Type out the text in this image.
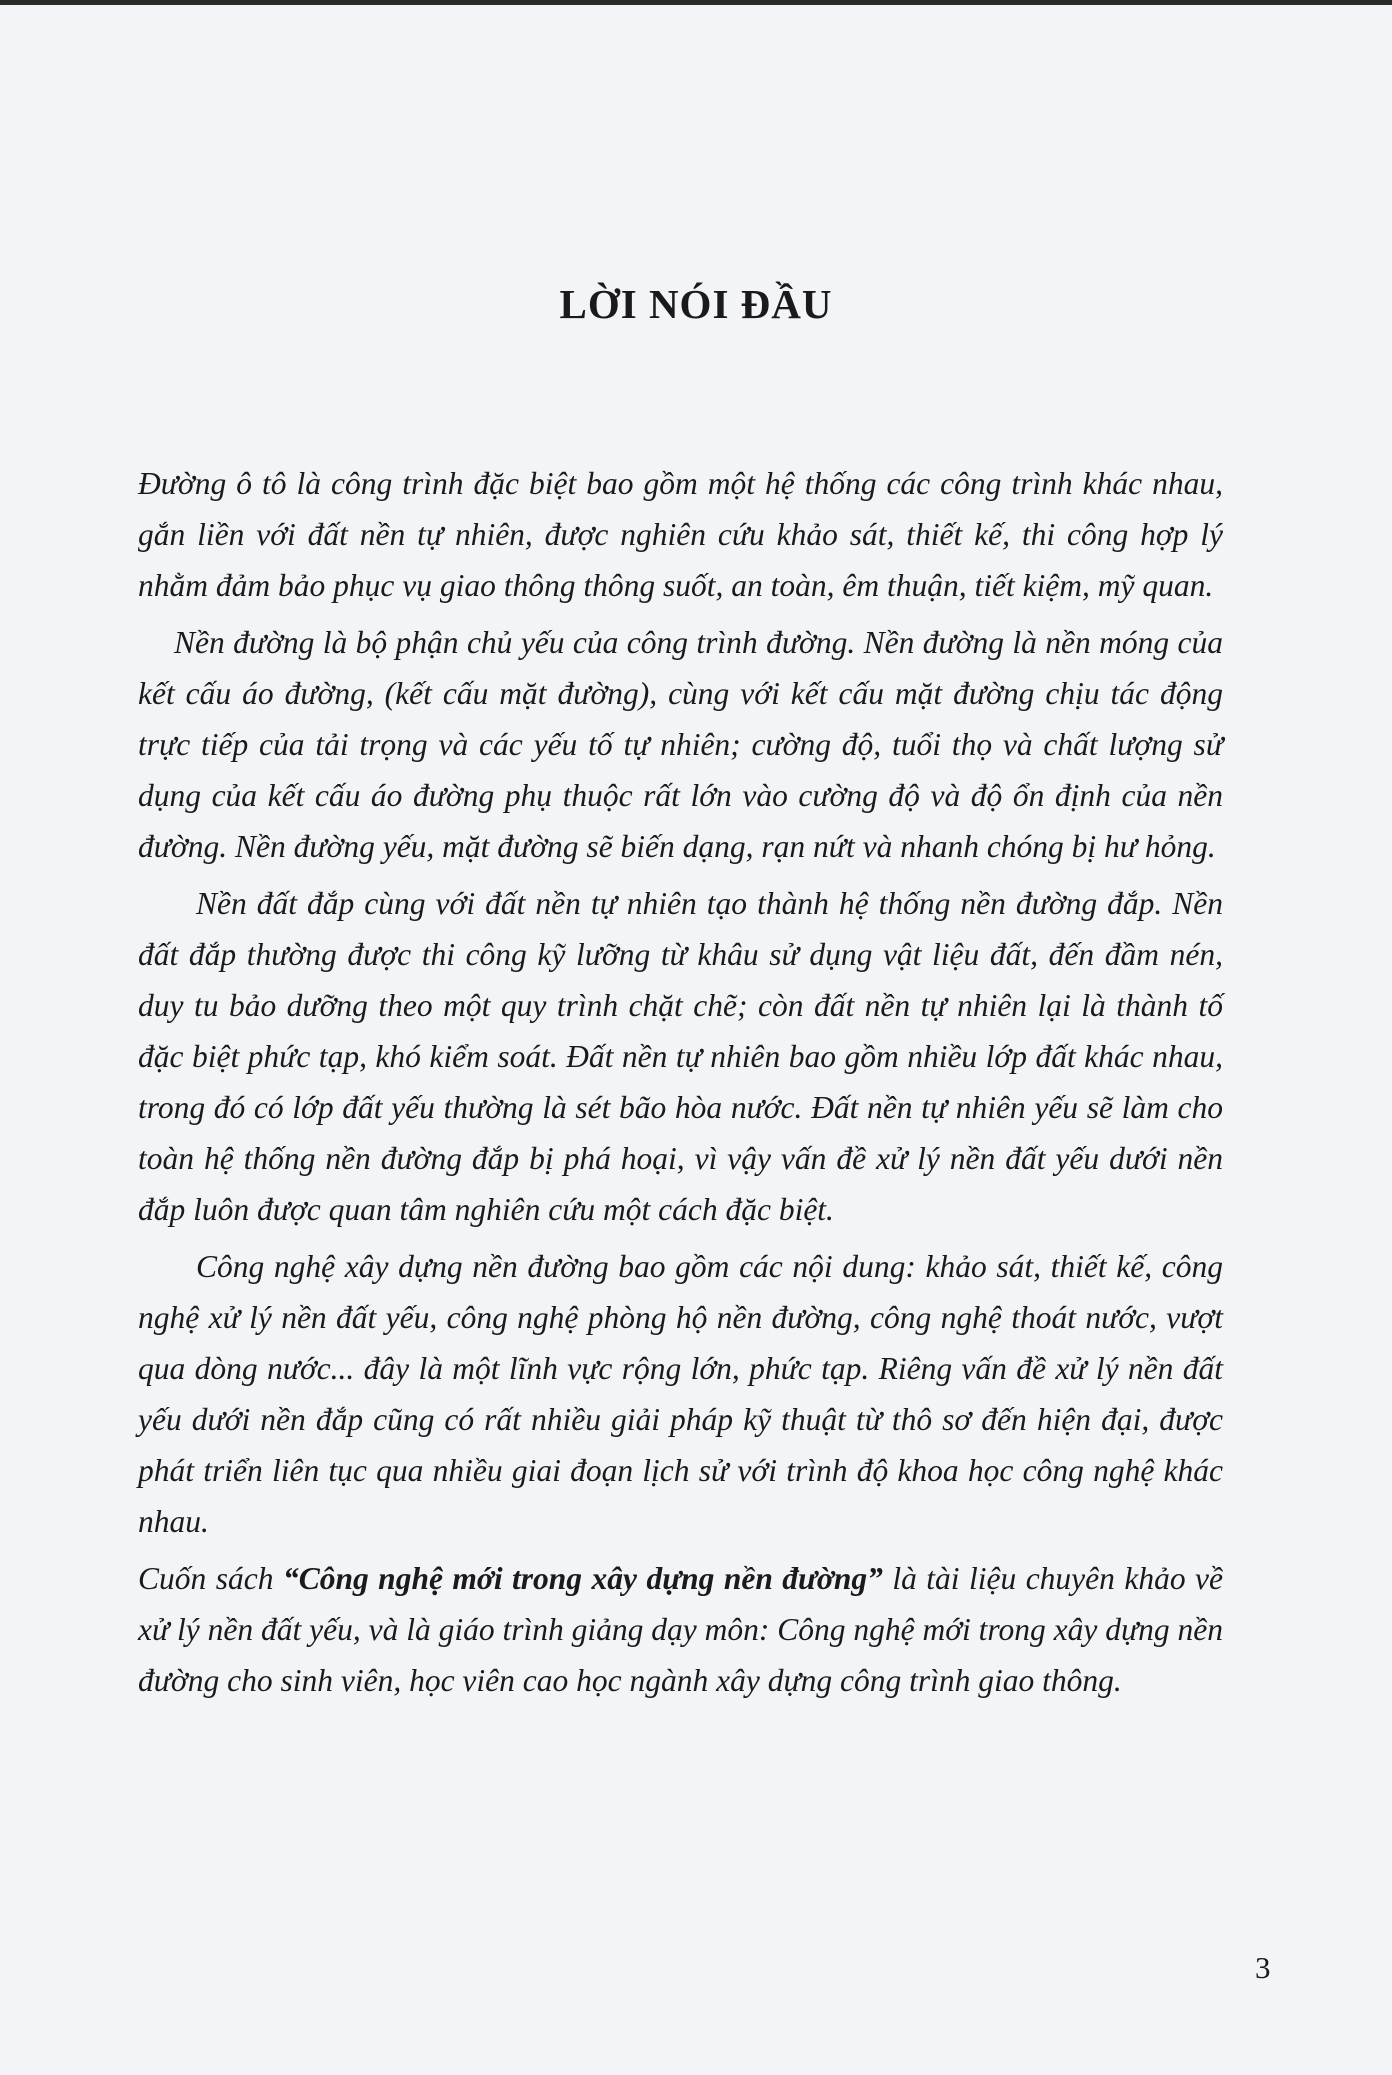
LỜI NÓI ĐẦU

Đường ô tô là công trình đặc biệt bao gồm một hệ thống các công trình khác nhau, gắn liền với đất nền tự nhiên, được nghiên cứu khảo sát, thiết kế, thi công hợp lý nhằm đảm bảo phục vụ giao thông thông suốt, an toàn, êm thuận, tiết kiệm, mỹ quan.

Nền đường là bộ phận chủ yếu của công trình đường. Nền đường là nền móng của kết cấu áo đường, (kết cấu mặt đường), cùng với kết cấu mặt đường chịu tác động trực tiếp của tải trọng và các yếu tố tự nhiên; cường độ, tuổi thọ và chất lượng sử dụng của kết cấu áo đường phụ thuộc rất lớn vào cường độ và độ ổn định của nền đường. Nền đường yếu, mặt đường sẽ biến dạng, rạn nứt và nhanh chóng bị hư hỏng.

Nền đất đắp cùng với đất nền tự nhiên tạo thành hệ thống nền đường đắp. Nền đất đắp thường được thi công kỹ lưỡng từ khâu sử dụng vật liệu đất, đến đầm nén, duy tu bảo dưỡng theo một quy trình chặt chẽ; còn đất nền tự nhiên lại là thành tố đặc biệt phức tạp, khó kiểm soát. Đất nền tự nhiên bao gồm nhiều lớp đất khác nhau, trong đó có lớp đất yếu thường là sét bão hòa nước. Đất nền tự nhiên yếu sẽ làm cho toàn hệ thống nền đường đắp bị phá hoại, vì vậy vấn đề xử lý nền đất yếu dưới nền đắp luôn được quan tâm nghiên cứu một cách đặc biệt.

Công nghệ xây dựng nền đường bao gồm các nội dung: khảo sát, thiết kế, công nghệ xử lý nền đất yếu, công nghệ phòng hộ nền đường, công nghệ thoát nước, vượt qua dòng nước... đây là một lĩnh vực rộng lớn, phức tạp. Riêng vấn đề xử lý nền đất yếu dưới nền đắp cũng có rất nhiều giải pháp kỹ thuật từ thô sơ đến hiện đại, được phát triển liên tục qua nhiều giai đoạn lịch sử với trình độ khoa học công nghệ khác nhau.

Cuốn sách “Công nghệ mới trong xây dựng nền đường” là tài liệu chuyên khảo về xử lý nền đất yếu, và là giáo trình giảng dạy môn: Công nghệ mới trong xây dựng nền đường cho sinh viên, học viên cao học ngành xây dựng công trình giao thông.

3
